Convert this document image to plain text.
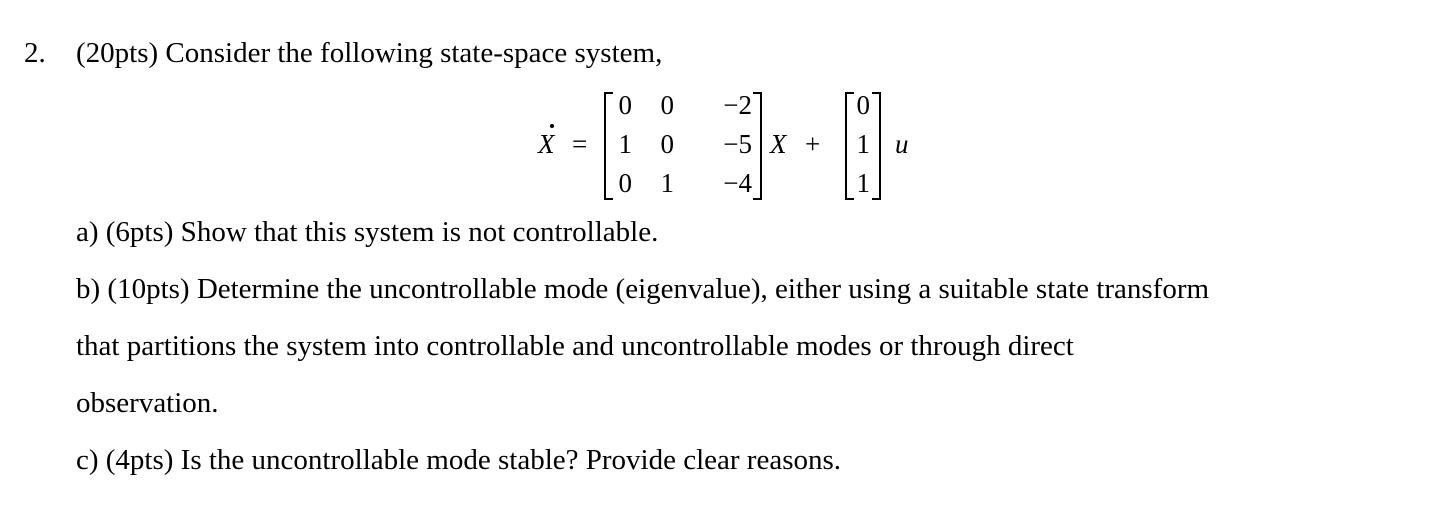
2. (20pts) Consider the following state-space system,
X =
0 0	−2
1 0	−5
0 1	−4
X +
0
1
1
u
a) (6pts) Show that this system is not controllable.
b) (10pts) Determine the uncontrollable mode (eigenvalue), either using a suitable state transform
that partitions the system into controllable and uncontrollable modes or through direct
observation.
c) (4pts) Is the uncontrollable mode stable? Provide clear reasons.
